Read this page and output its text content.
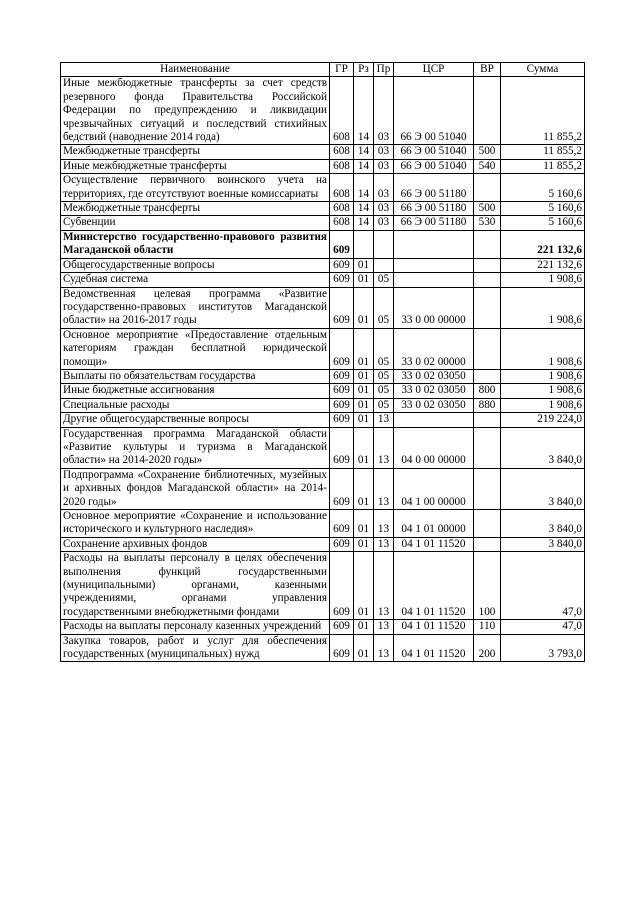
Наименование	ГР	Рз	Пр	ЦСР	ВР	Сумма
Иные межбюджетные трансферты за счет средств резервного фонда Правительства Российской Федерации по предупреждению и ликвидации чрезвычайных ситуаций и последствий стихийных бедствий (наводнение 2014 года)	608	14	03	66 Э 00 51040		11 855,2
Межбюджетные трансферты	608	14	03	66 Э 00 51040	500	11 855,2
Иные межбюджетные трансферты	608	14	03	66 Э 00 51040	540	11 855,2
Осуществление первичного воинского учета на территориях, где отсутствуют военные комиссариаты	608	14	03	66 Э 00 51180		5 160,6
Межбюджетные трансферты	608	14	03	66 Э 00 51180	500	5 160,6
Субвенции	608	14	03	66 Э 00 51180	530	5 160,6
Министерство государственно-правового развития Магаданской области	609					221 132,6
Общегосударственные вопросы	609	01				221 132,6
Судебная система	609	01	05			1 908,6
Ведомственная целевая программа «Развитие государственно-правовых институтов Магаданской области» на 2016-2017 годы	609	01	05	33 0 00 00000		1 908,6
Основное мероприятие «Предоставление отдельным категориям граждан бесплатной юридической помощи»	609	01	05	33 0 02 00000		1 908,6
Выплаты по обязательствам государства	609	01	05	33 0 02 03050		1 908,6
Иные бюджетные ассигнования	609	01	05	33 0 02 03050	800	1 908,6
Специальные расходы	609	01	05	33 0 02 03050	880	1 908,6
Другие общегосударственные вопросы	609	01	13			219 224,0
Государственная программа Магаданской области «Развитие культуры и туризма в Магаданской области» на 2014-2020 годы»	609	01	13	04 0 00 00000		3 840,0
Подпрограмма «Сохранение библиотечных, музейных и архивных фондов Магаданской области» на 2014-2020 годы»	609	01	13	04 1 00 00000		3 840,0
Основное мероприятие «Сохранение и использование исторического и культурного наследия»	609	01	13	04 1 01 00000		3 840,0
Сохранение архивных фондов	609	01	13	04 1 01 11520		3 840,0
Расходы на выплаты персоналу в целях обеспечения выполнения функций государственными (муниципальными) органами, казенными учреждениями, органами управления государственными внебюджетными фондами	609	01	13	04 1 01 11520	100	47,0
Расходы на выплаты персоналу казенных учреждений	609	01	13	04 1 01 11520	110	47,0
Закупка товаров, работ и услуг для обеспечения государственных (муниципальных) нужд	609	01	13	04 1 01 11520	200	3 793,0
